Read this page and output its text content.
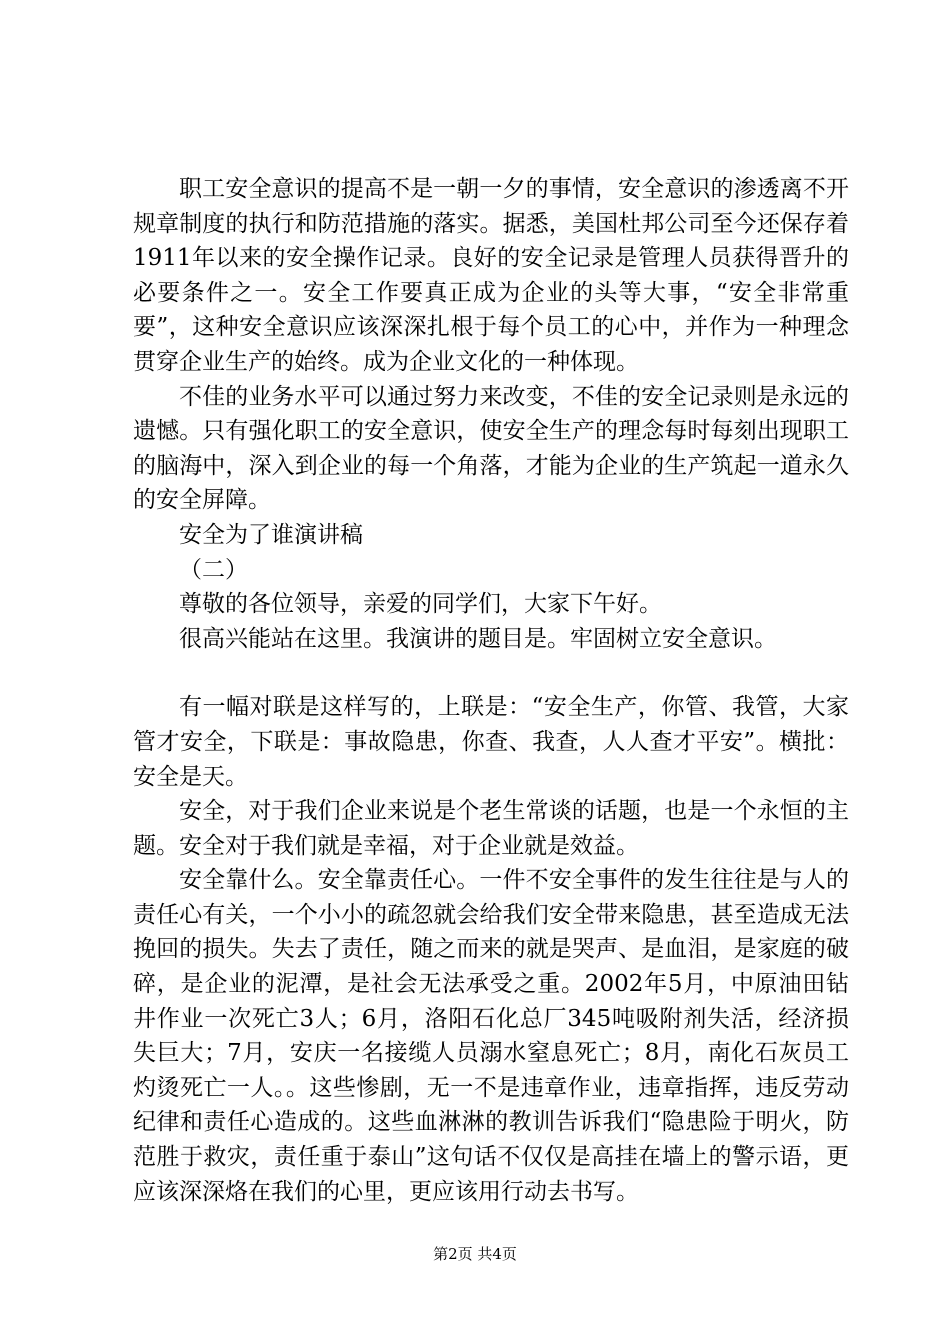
职工安全意识的提高不是一朝一夕的事情，安全意识的渗透离不开规章制度的执行和防范措施的落实。据悉，美国杜邦公司至今还保存着1911年以来的安全操作记录。良好的安全记录是管理人员获得晋升的必要条件之一。安全工作要真正成为企业的头等大事，“安全非常重要”，这种安全意识应该深深扎根于每个员工的心中，并作为一种理念贯穿企业生产的始终。成为企业文化的一种体现。

不佳的业务水平可以通过努力来改变，不佳的安全记录则是永远的遗憾。只有强化职工的安全意识，使安全生产的理念每时每刻出现职工的脑海中，深入到企业的每一个角落，才能为企业的生产筑起一道永久的安全屏障。

安全为了谁演讲稿

（二）

尊敬的各位领导，亲爱的同学们，大家下午好。

很高兴能站在这里。我演讲的题目是。牢固树立安全意识。

有一幅对联是这样写的，上联是：“安全生产，你管、我管，大家管才安全，下联是：事故隐患，你查、我查，人人查才平安”。横批：安全是天。

安全，对于我们企业来说是个老生常谈的话题，也是一个永恒的主题。安全对于我们就是幸福，对于企业就是效益。

安全靠什么。安全靠责任心。一件不安全事件的发生往往是与人的责任心有关，一个小小的疏忽就会给我们安全带来隐患，甚至造成无法挽回的损失。失去了责任，随之而来的就是哭声、是血泪，是家庭的破碎，是企业的泥潭，是社会无法承受之重。2002年5月，中原油田钻井作业一次死亡3人；6月，洛阳石化总厂345吨吸附剂失活，经济损失巨大；7月，安庆一名接缆人员溺水窒息死亡；8月，南化石灰员工灼烫死亡一人。。这些惨剧，无一不是违章作业，违章指挥，违反劳动纪律和责任心造成的。这些血淋淋的教训告诉我们“隐患险于明火，防范胜于救灾，责任重于泰山”这句话不仅仅是高挂在墙上的警示语，更应该深深烙在我们的心里，更应该用行动去书写。

第2页 共4页
